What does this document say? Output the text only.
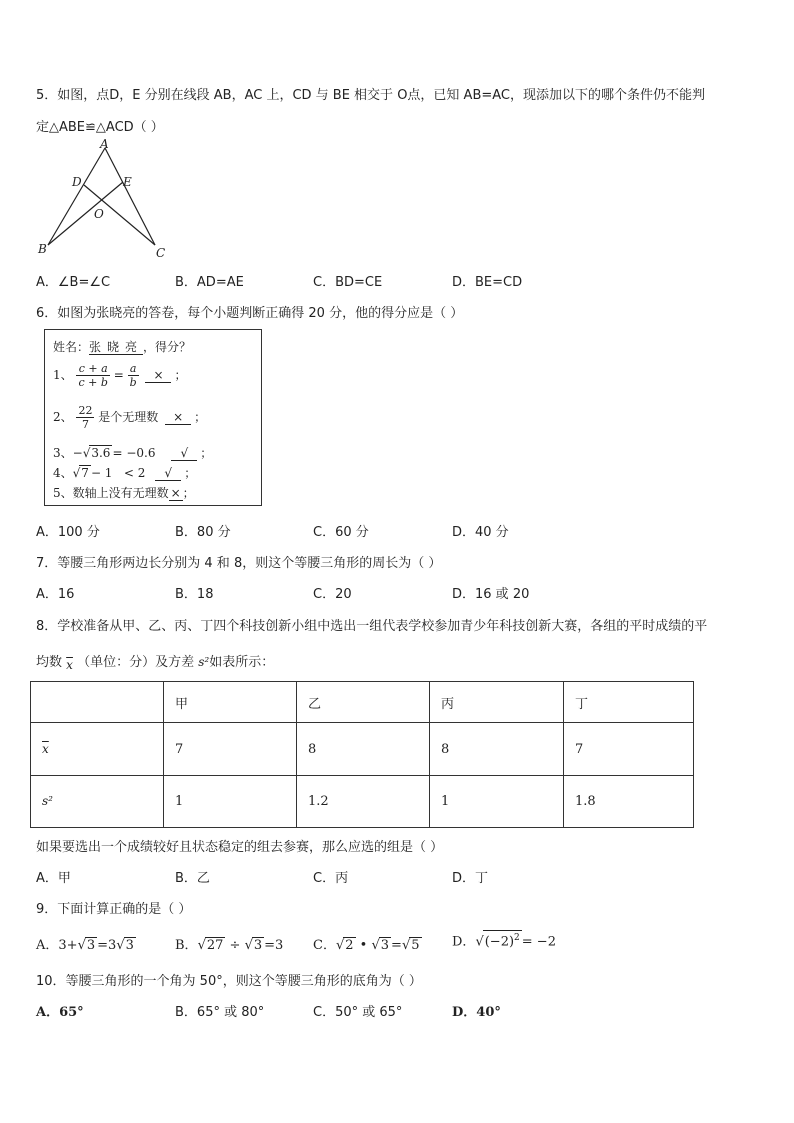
5．如图，点D，E 分别在线段 AB，AC 上，CD 与 BE 相交于 O点，已知 AB=AC，现添加以下的哪个条件仍不能判
定△ABE≌△ACD（ ）
A
B	C
D	E
O
A．∠B=∠C	B．AD=AE	C．BD=CE	D．BE=CD
6．如图为张晓亮的答卷，每个小题判断正确得 20 分，他的得分应是（ ）
姓名：张晓亮，得分？
1、 $\frac{c + a}{c + b} = \frac{a}{b}$ × ；
2、 $\frac{22}{7}$ 是个无理数 × ；
3、−√3.6 = −0.6 √ ；
4、√7 − 1   < 2 √ ；
5、数轴上没有无理数 × ；
A．100 分	B．80 分	C．60 分	D．40 分
7．等腰三角形两边长分别为 4 和 8，则这个等腰三角形的周长为（ ）
A．16	B．18	C．20	D．16 或 20
8．学校准备从甲、乙、丙、丁四个科技创新小组中选出一组代表学校参加青少年科技创新大赛，各组的平时成绩的平
均数 $\overline{x}$ （单位：分）及方差 s²如表所示：
	甲	乙	丙	丁
$\overline{x}$	7	8	8	7
s²	1	1.2	1	1.8
如果要选出一个成绩较好且状态稳定的组去参赛，那么应选的组是（ ）
A．甲	B．乙	C．丙	D．丁
9．下面计算正确的是（ ）
A．3+√3 =3√3	B．√27 ÷ √3 =3 C．√2 • √3 =√5 D．$√(-2)^2 = -2$
10．等腰三角形的一个角为 50°，则这个等腰三角形的底角为（ ）
A．65°	B．65° 或 80°	C．50° 或 65°	D．40°
